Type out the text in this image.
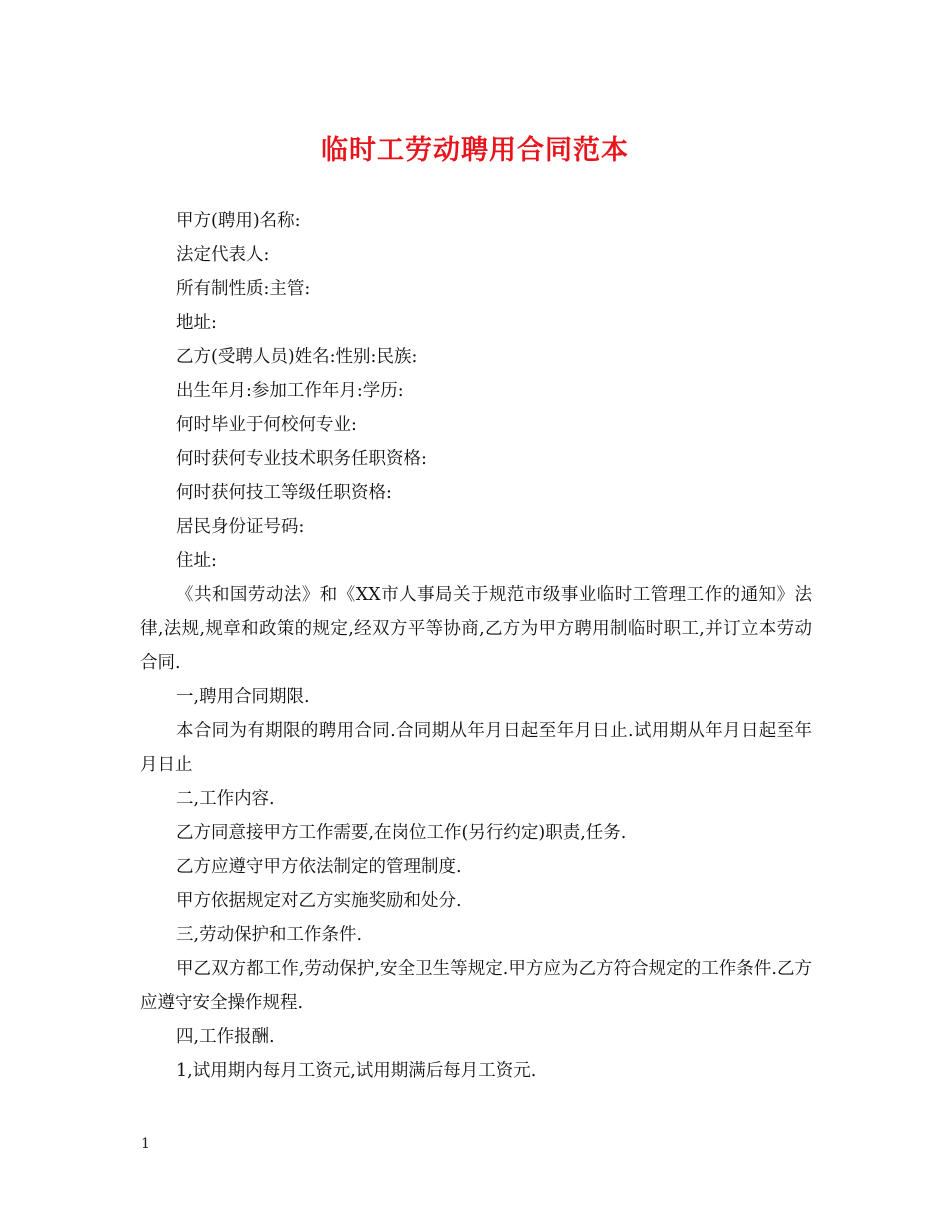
临时工劳动聘用合同范本

甲方(聘用)名称:

法定代表人:

所有制性质:主管:

地址:

乙方(受聘人员)姓名:性别:民族:

出生年月:参加工作年月:学历:

何时毕业于何校何专业:

何时获何专业技术职务任职资格:

何时获何技工等级任职资格:

居民身份证号码:

住址:

《共和国劳动法》和《XX市人事局关于规范市级事业临时工管理工作的通知》法律,法规,规章和政策的规定,经双方平等协商,乙方为甲方聘用制临时职工,并订立本劳动合同.

一,聘用合同期限.

本合同为有期限的聘用合同.合同期从年月日起至年月日止.试用期从年月日起至年月日止

二,工作内容.

乙方同意接甲方工作需要,在岗位工作(另行约定)职责,任务.

乙方应遵守甲方依法制定的管理制度.

甲方依据规定对乙方实施奖励和处分.

三,劳动保护和工作条件.

甲乙双方都工作,劳动保护,安全卫生等规定.甲方应为乙方符合规定的工作条件.乙方应遵守安全操作规程.

四,工作报酬.

1,试用期内每月工资元,试用期满后每月工资元.

1
